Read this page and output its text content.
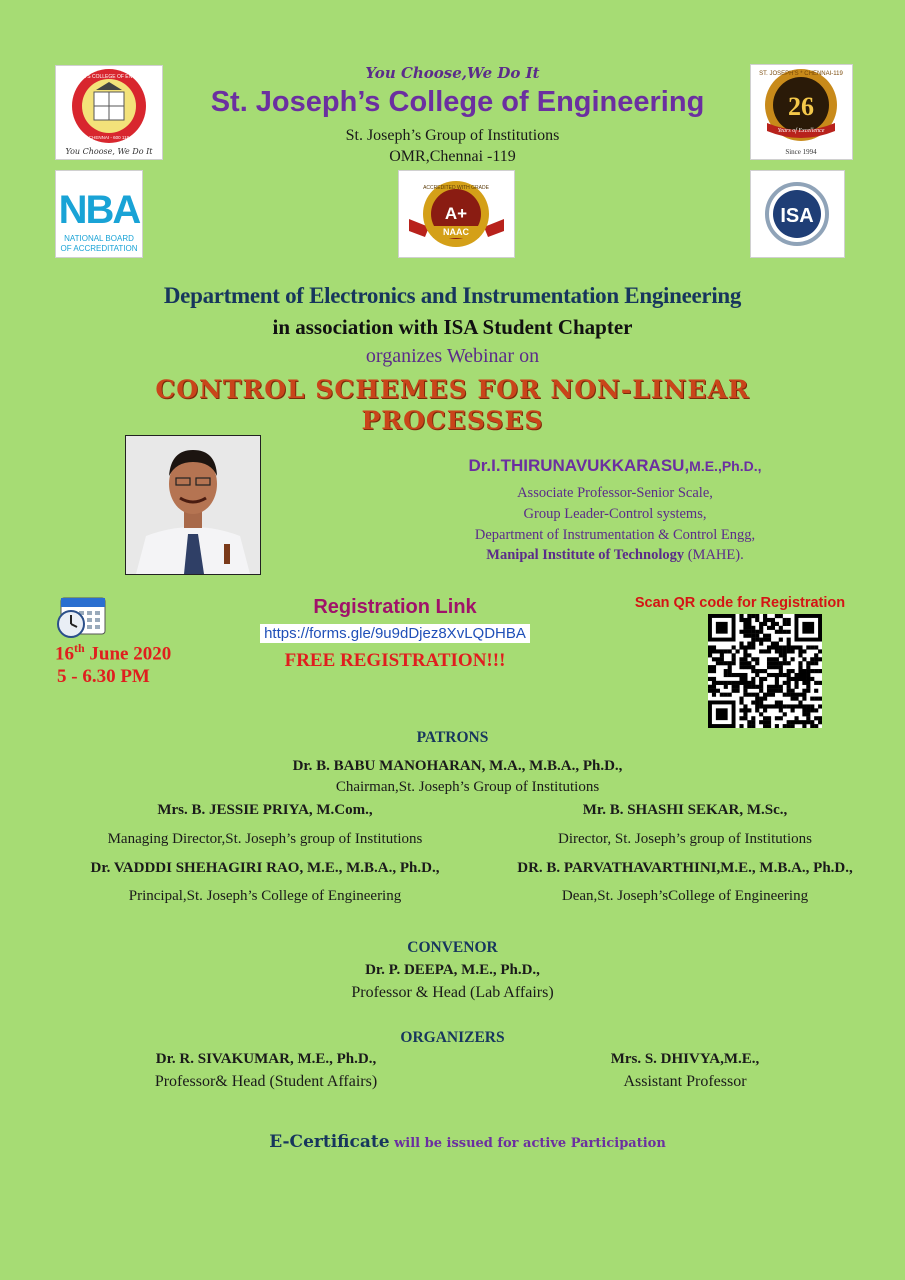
ST. JOSEPH'S COLLEGE OF ENGINEERING
CHENNAI - 600 119
You Choose, We Do It
You Choose,We Do It
St. Joseph’s College of Engineering
St. Joseph’s Group of Institutions
OMR,Chennai -119
ST. JOSEPH'S * CHENNAI-119
26
Years of Excellence
Since 1994
NBA
NATIONAL BOARD
OF ACCREDITATION
ACCREDITED WITH GRADE
A+
NAAC
ISA
Department of Electronics and Instrumentation Engineering
in association with ISA Student Chapter
organizes Webinar on
CONTROL SCHEMES FOR NON-LINEAR
PROCESSES
Dr.I.THIRUNAVUKKARASU,M.E.,Ph.D.,
Associate Professor-Senior Scale,
Group Leader-Control systems,
Department of Instrumentation & Control Engg,
Manipal Institute of Technology (MAHE).
16th June 2020
5 - 6.30 PM
Registration Link
https://forms.gle/9u9dDjez8XvLQDHBA
FREE REGISTRATION!!!
Scan QR code for Registration
PATRONS
Dr. B. BABU MANOHARAN, M.A., M.B.A., Ph.D.,
Chairman,St. Joseph’s Group of Institutions
Mrs. B. JESSIE PRIYA, M.Com.,
Managing Director,St. Joseph’s group of Institutions
Mr. B. SHASHI SEKAR, M.Sc.,
Director, St. Joseph’s group of Institutions
Dr. VADDDI SHEHAGIRI RAO, M.E., M.B.A., Ph.D.,
Principal,St. Joseph’s College of Engineering
DR. B. PARVATHAVARTHINI,M.E., M.B.A., Ph.D.,
Dean,St. Joseph’sCollege of Engineering
CONVENOR
Dr. P. DEEPA, M.E., Ph.D.,
Professor & Head (Lab Affairs)
ORGANIZERS
Dr. R. SIVAKUMAR, M.E., Ph.D.,
Professor& Head (Student Affairs)
Mrs. S. DHIVYA,M.E.,
Assistant Professor
E-Certificate will be issued for active Participation
